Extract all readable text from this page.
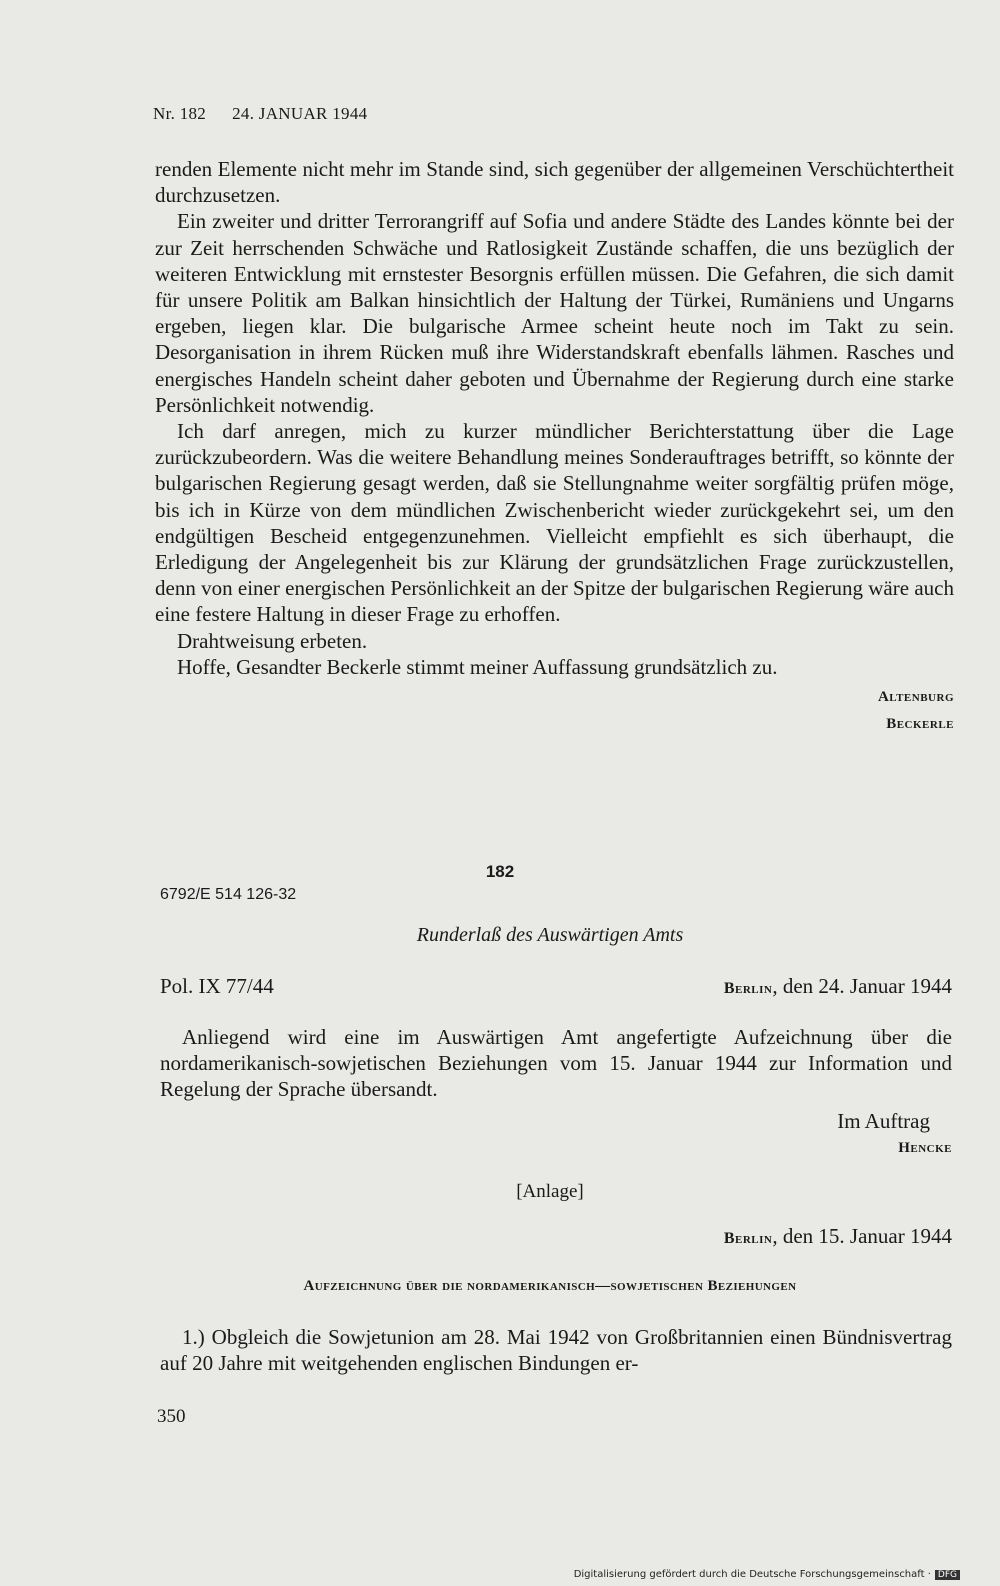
Nr. 182 24. JANUAR 1944

renden Elemente nicht mehr im Stande sind, sich gegenüber der allgemeinen Verschüchtertheit durchzusetzen.

Ein zweiter und dritter Terrorangriff auf Sofia und andere Städte des Landes könnte bei der zur Zeit herrschenden Schwäche und Ratlosigkeit Zustände schaffen, die uns bezüglich der weiteren Entwicklung mit ernstester Besorgnis erfüllen müssen. Die Gefahren, die sich damit für unsere Politik am Balkan hinsichtlich der Haltung der Türkei, Rumäniens und Ungarns ergeben, liegen klar. Die bulgarische Armee scheint heute noch im Takt zu sein. Desorganisation in ihrem Rücken muß ihre Widerstandskraft ebenfalls lähmen. Rasches und energisches Handeln scheint daher geboten und Übernahme der Regierung durch eine starke Persönlichkeit notwendig.

Ich darf anregen, mich zu kurzer mündlicher Berichterstattung über die Lage zurückzubeordern. Was die weitere Behandlung meines Sonderauftrages betrifft, so könnte der bulgarischen Regierung gesagt werden, daß sie Stellungnahme weiter sorgfältig prüfen möge, bis ich in Kürze von dem mündlichen Zwischenbericht wieder zurückgekehrt sei, um den endgültigen Bescheid entgegenzunehmen. Vielleicht empfiehlt es sich überhaupt, die Erledigung der Angelegenheit bis zur Klärung der grundsätzlichen Frage zurückzustellen, denn von einer energischen Persönlichkeit an der Spitze der bulgarischen Regierung wäre auch eine festere Haltung in dieser Frage zu erhoffen.

Drahtweisung erbeten.

Hoffe, Gesandter Beckerle stimmt meiner Auffassung grundsätzlich zu.

Altenburg

Beckerle

182
6792/E 514 126-32
Runderlaß des Auswärtigen Amts
Pol. IX 77/44	Berlin, den 24. Januar 1944

Anliegend wird eine im Auswärtigen Amt angefertigte Aufzeichnung über die nordamerikanisch-sowjetischen Beziehungen vom 15. Januar 1944 zur Information und Regelung der Sprache übersandt.

Im Auftrag

Hencke

[Anlage]
Berlin, den 15. Januar 1944
Aufzeichnung über die nordamerikanisch—sowjetischen Beziehungen

1.) Obgleich die Sowjetunion am 28. Mai 1942 von Großbritannien einen Bündnisvertrag auf 20 Jahre mit weitgehenden englischen Bindungen er-

350
Digitalisierung gefördert durch die Deutsche Forschungsgemeinschaft · DFG
